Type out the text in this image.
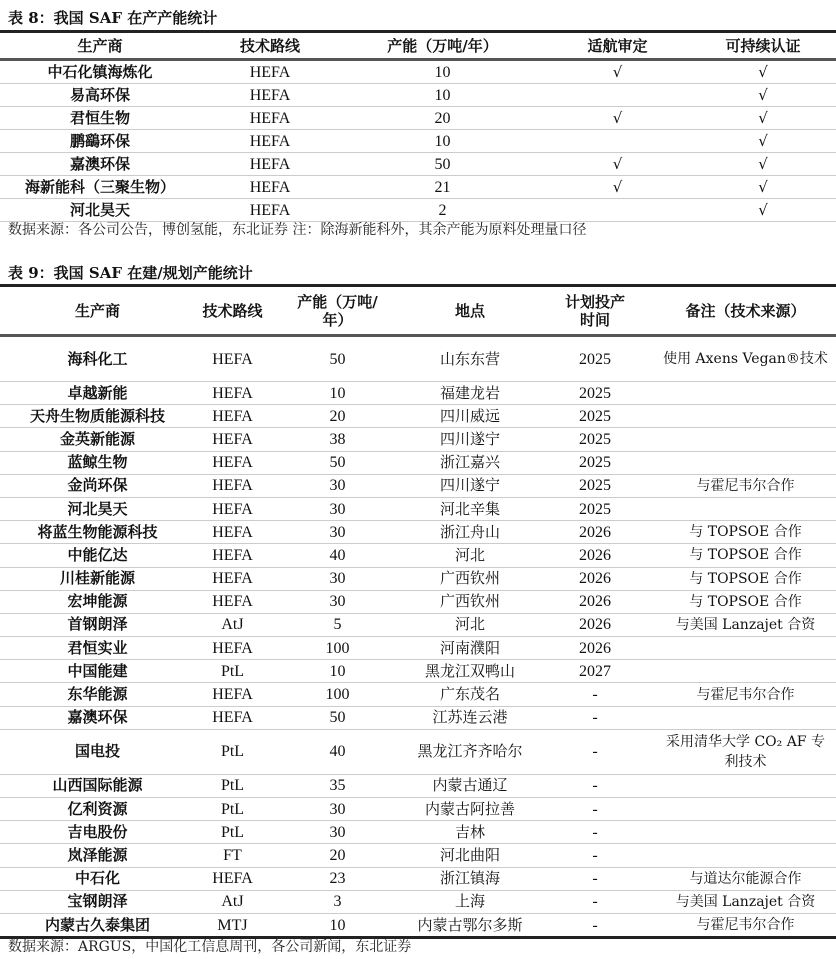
表 8：我国 SAF 在产产能统计
生产商	技术路线	产能（万吨/年）	适航审定	可持续认证
中石化镇海炼化	HEFA	10	√	√
易高环保	HEFA	10		√
君恒生物	HEFA	20	√	√
鹏鷂环保	HEFA	10		√
嘉澳环保	HEFA	50	√	√
海新能科（三聚生物）	HEFA	21	√	√
河北昊天	HEFA	2		√
数据来源：各公司公告，博创氢能，东北证券 注：除海新能科外，其余产能为原料处理量口径
表 9：我国 SAF 在建/规划产能统计
生产商	技术路线	产能（万吨/年）	地点	计划投产时间	备注（技术来源）
海科化工	HEFA	50	山东东营	2025	使用 Axens Vegan®技术
卓越新能	HEFA	10	福建龙岩	2025	
天舟生物质能源科技	HEFA	20	四川威远	2025	
金英新能源	HEFA	38	四川遂宁	2025	
蓝鲸生物	HEFA	50	浙江嘉兴	2025	
金尚环保	HEFA	30	四川遂宁	2025	与霍尼韦尔合作
河北昊天	HEFA	30	河北辛集	2025	
将蓝生物能源科技	HEFA	30	浙江舟山	2026	与 TOPSOE 合作
中能亿达	HEFA	40	河北	2026	与 TOPSOE 合作
川桂新能源	HEFA	30	广西钦州	2026	与 TOPSOE 合作
宏坤能源	HEFA	30	广西钦州	2026	与 TOPSOE 合作
首钢朗泽	AtJ	5	河北	2026	与美国 Lanzajet 合资
君恒实业	HEFA	100	河南濮阳	2026	
中国能建	PtL	10	黑龙江双鸭山	2027	
东华能源	HEFA	100	广东茂名	-	与霍尼韦尔合作
嘉澳环保	HEFA	50	江苏连云港	-	
国电投	PtL	40	黑龙江齐齐哈尔	-	采用清华大学 CO₂ AF 专利技术
山西国际能源	PtL	35	内蒙古通辽	-	
亿利资源	PtL	30	内蒙古阿拉善	-	
吉电股份	PtL	30	吉林	-	
岚泽能源	FT	20	河北曲阳	-	
中石化	HEFA	23	浙江镇海	-	与道达尔能源合作
宝钢朗泽	AtJ	3	上海	-	与美国 Lanzajet 合资
内蒙古久泰集团	MTJ	10	内蒙古鄂尔多斯	-	与霍尼韦尔合作
数据来源：ARGUS，中国化工信息周刊，各公司新闻，东北证券
